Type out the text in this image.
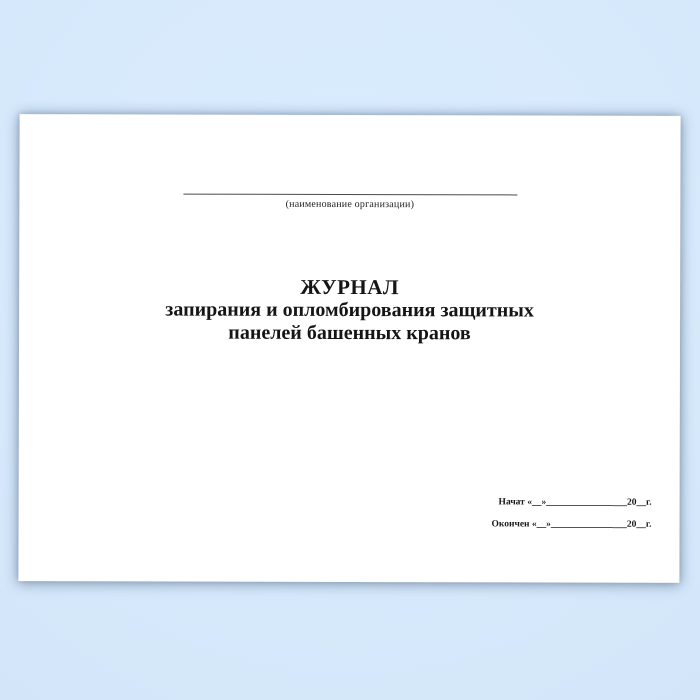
(наименование организации)
ЖУРНАЛ
запирания и опломбирования защитных
панелей башенных кранов
Начат «__»_________________20__г.
Окончен «__»________________20__г.
